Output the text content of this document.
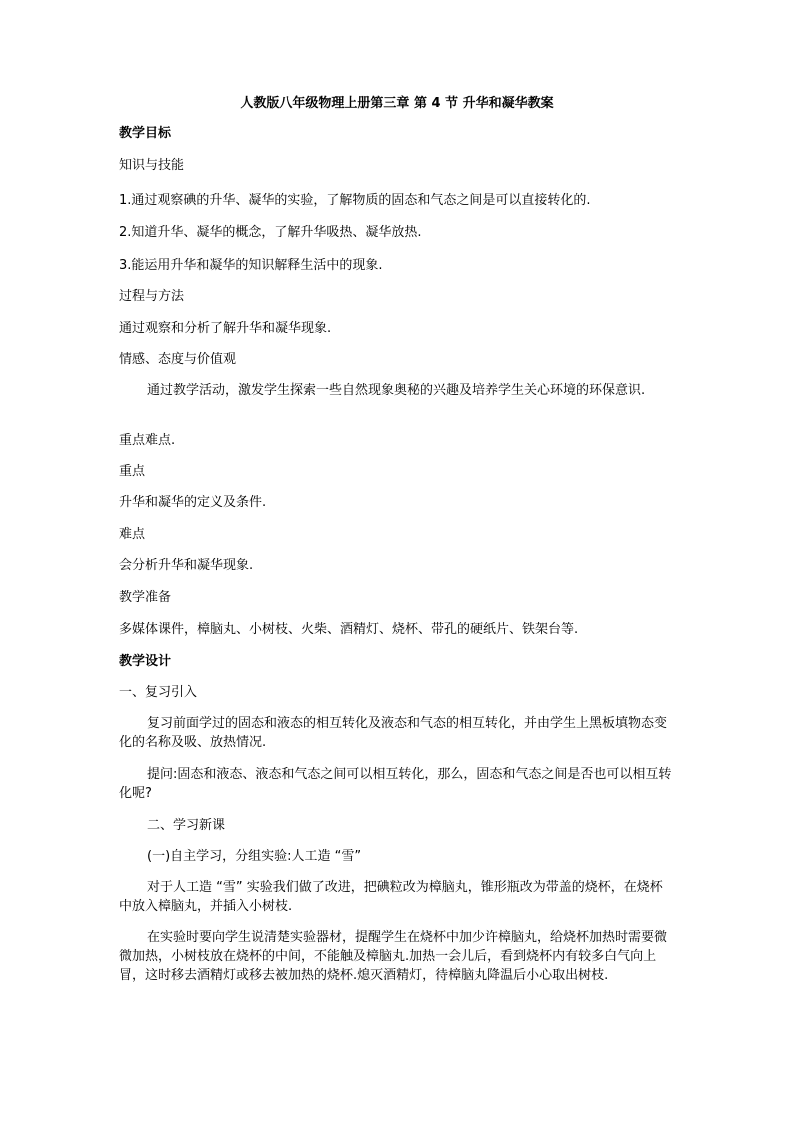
人教版八年级物理上册第三章 第 4 节 升华和凝华教案
教学目标
知识与技能
1.通过观察碘的升华、凝华的实验，了解物质的固态和气态之间是可以直接转化的.
2.知道升华、凝华的概念，了解升华吸热、凝华放热.
3.能运用升华和凝华的知识解释生活中的现象.
过程与方法
通过观察和分析了解升华和凝华现象.
情感、态度与价值观
通过教学活动，激发学生探索一些自然现象奥秘的兴趣及培养学生关心环境的环保意识.
重点难点.
重点
升华和凝华的定义及条件.
难点
会分析升华和凝华现象.
教学准备
多媒体课件，樟脑丸、小树枝、火柴、酒精灯、烧杯、带孔的硬纸片、铁架台等.
教学设计
一、复习引入
复习前面学过的固态和液态的相互转化及液态和气态的相互转化，并由学生上黑板填物态变化的名称及吸、放热情况.
提问:固态和液态、液态和气态之间可以相互转化，那么，固态和气态之间是否也可以相互转化呢?
二、学习新课
(一)自主学习，分组实验:人工造 “雪”
对于人工造 “雪” 实验我们做了改进，把碘粒改为樟脑丸，锥形瓶改为带盖的烧杯，在烧杯中放入樟脑丸，并插入小树枝.
在实验时要向学生说清楚实验器材，提醒学生在烧杯中加少许樟脑丸，给烧杯加热时需要微微加热，小树枝放在烧杯的中间，不能触及樟脑丸.加热一会儿后，看到烧杯内有较多白气向上冒，这时移去酒精灯或移去被加热的烧杯.熄灭酒精灯，待樟脑丸降温后小心取出树枝.
